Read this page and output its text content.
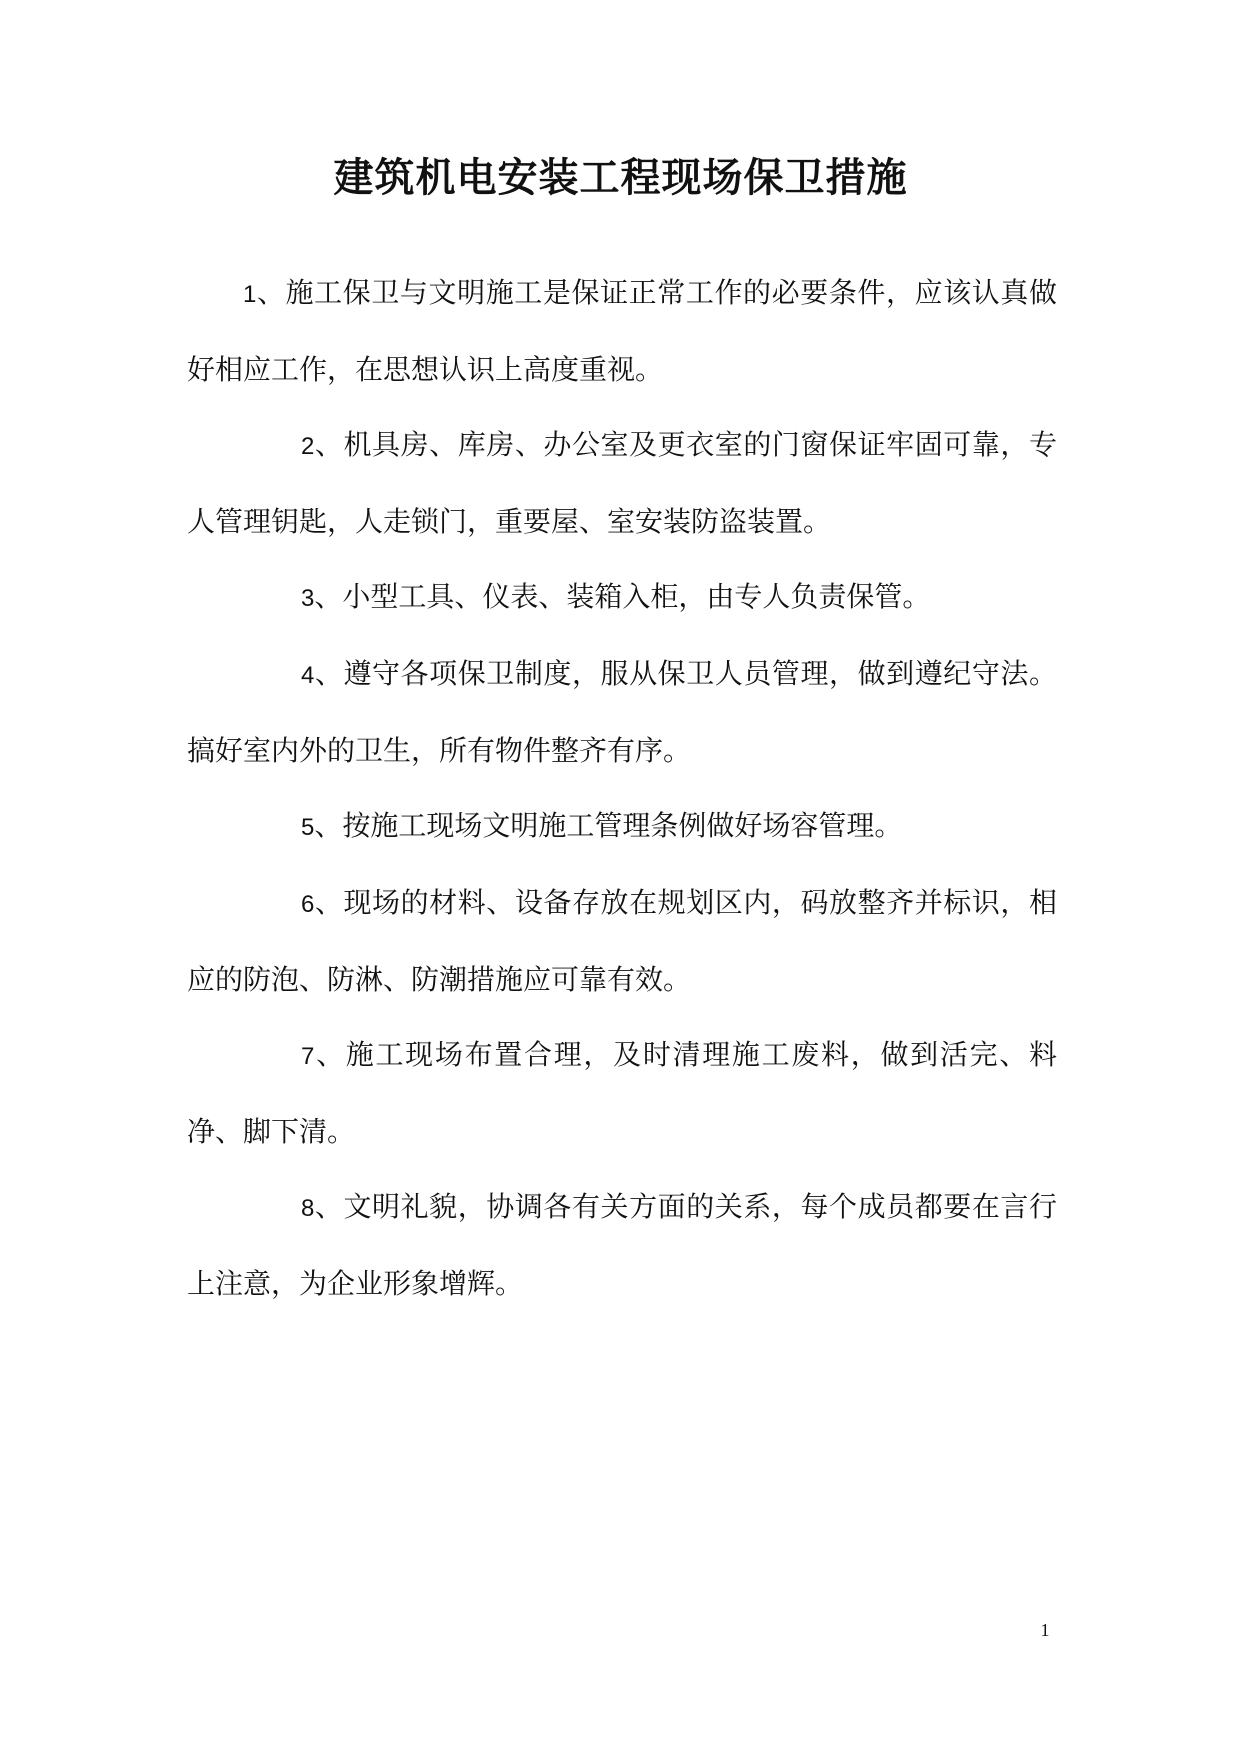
建筑机电安装工程现场保卫措施

1、施工保卫与文明施工是保证正常工作的必要条件，应该认真做好相应工作，在思想认识上高度重视。

2、机具房、库房、办公室及更衣室的门窗保证牢固可靠，专人管理钥匙，人走锁门，重要屋、室安装防盗装置。

3、小型工具、仪表、装箱入柜，由专人负责保管。

4、遵守各项保卫制度，服从保卫人员管理，做到遵纪守法。搞好室内外的卫生，所有物件整齐有序。

5、按施工现场文明施工管理条例做好场容管理。

6、现场的材料、设备存放在规划区内，码放整齐并标识，相应的防泡、防淋、防潮措施应可靠有效。

7、施工现场布置合理，及时清理施工废料，做到活完、料净、脚下清。

8、文明礼貌，协调各有关方面的关系，每个成员都要在言行上注意，为企业形象增辉。

1
